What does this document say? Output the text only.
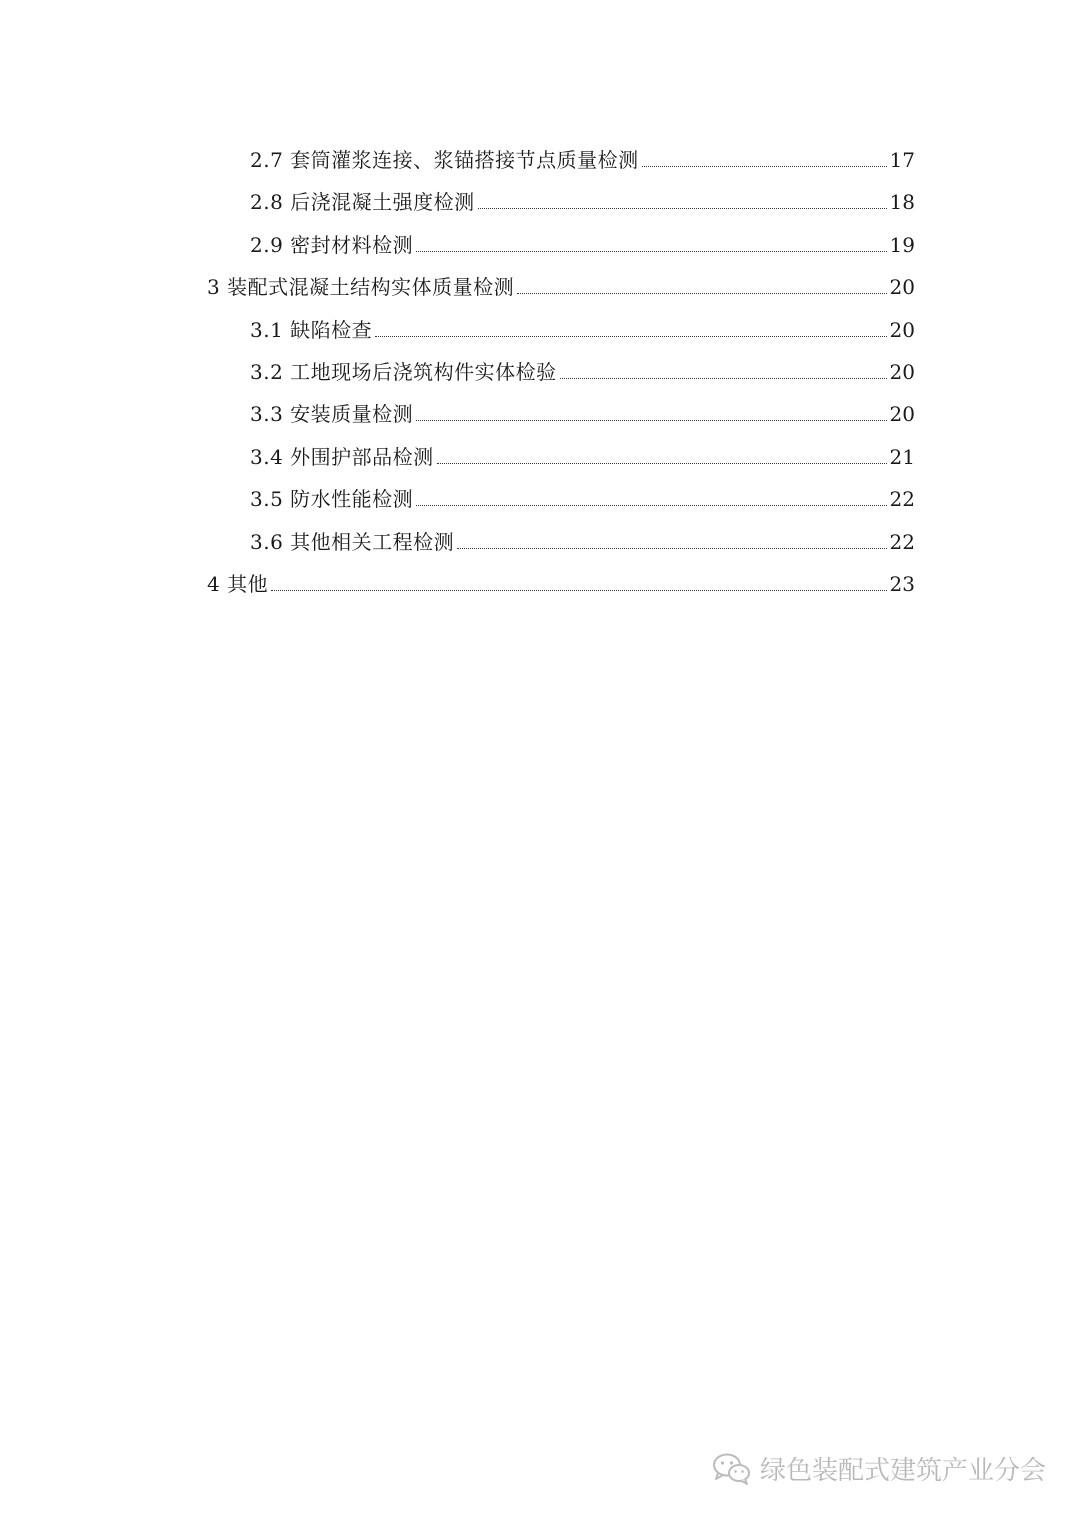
2.7 套筒灌浆连接、浆锚搭接节点质量检测	17
2.8 后浇混凝土强度检测	18
2.9 密封材料检测	19
3 装配式混凝土结构实体质量检测	20
3.1 缺陷检查	20
3.2 工地现场后浇筑构件实体检验	20
3.3 安装质量检测	20
3.4 外围护部品检测	21
3.5 防水性能检测	22
3.6 其他相关工程检测	22
4 其他	23
绿色装配式建筑产业分会
